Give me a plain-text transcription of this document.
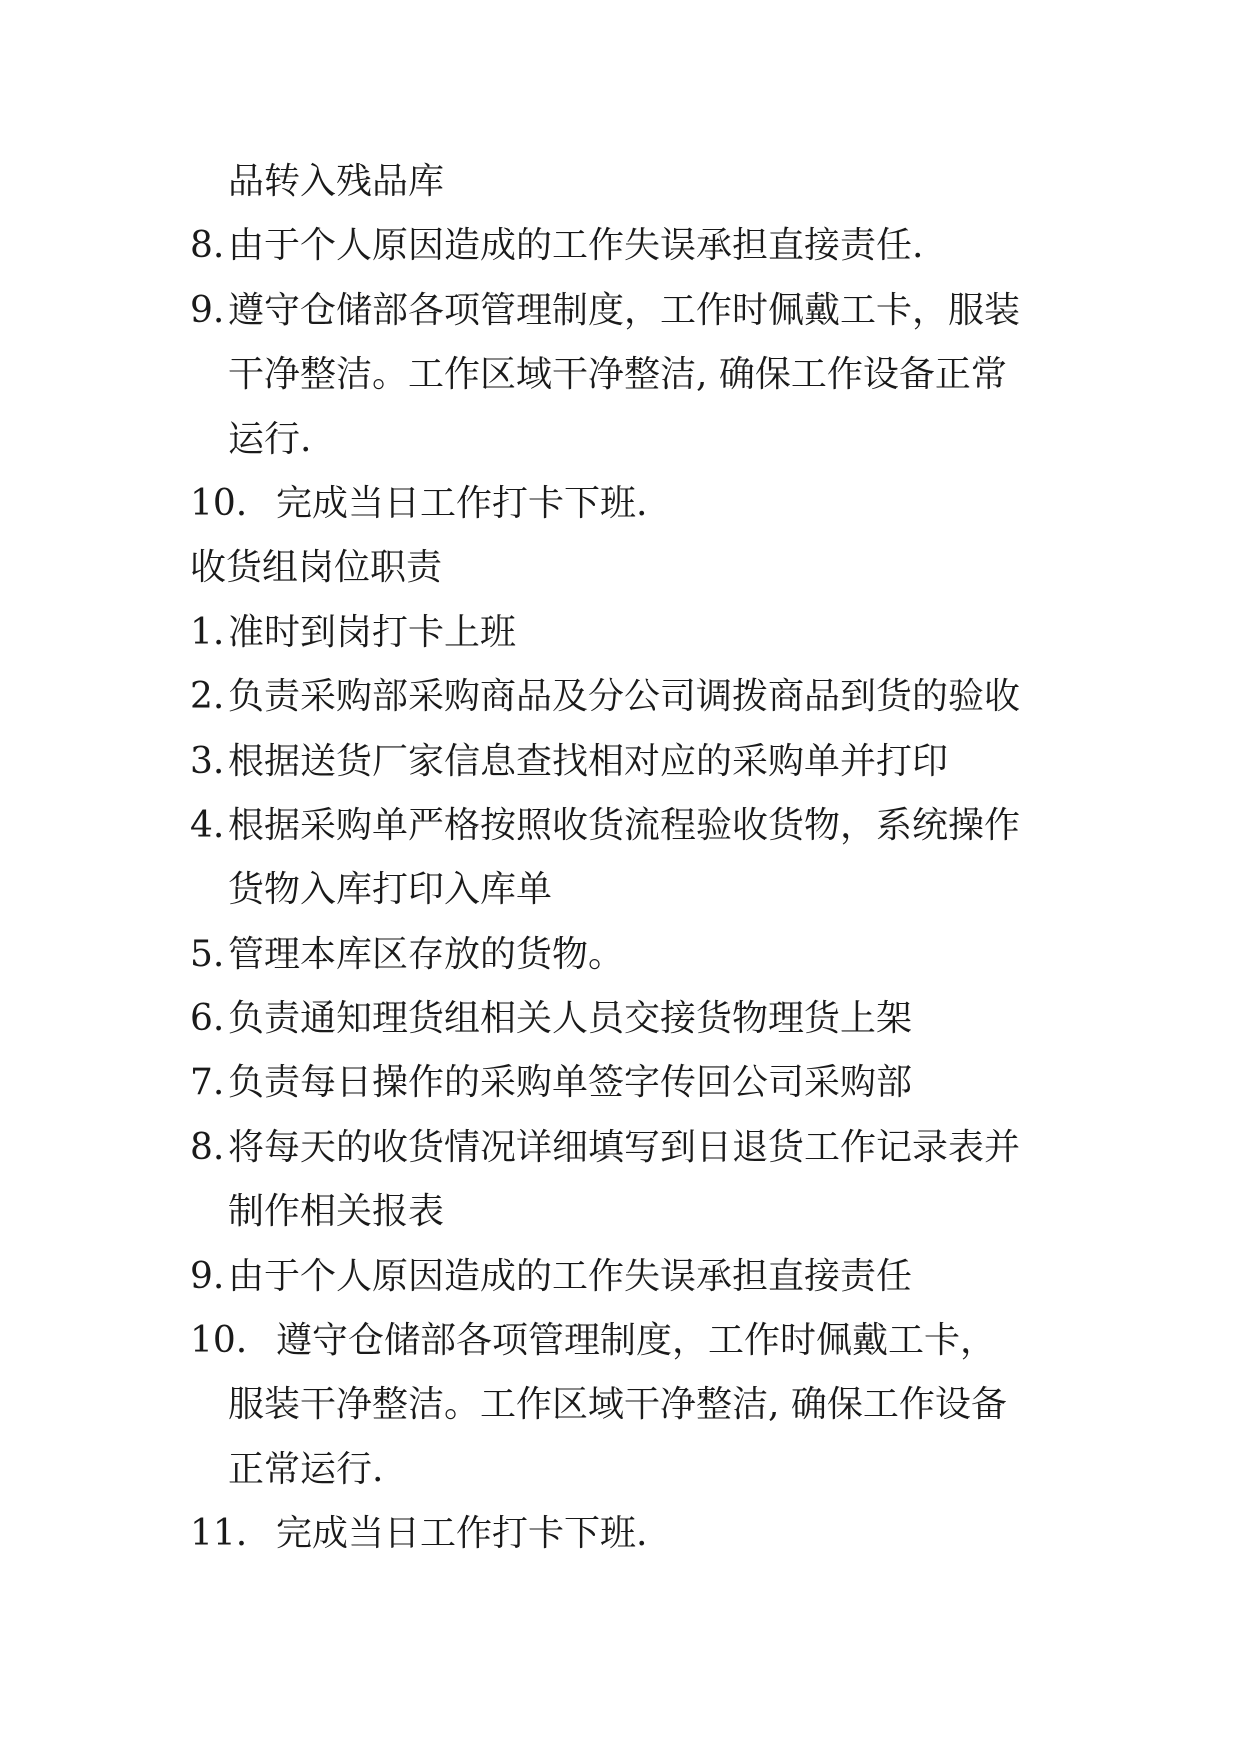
品转入残品库
8. 由于个人原因造成的工作失误承担直接责任.
9. 遵守仓储部各项管理制度，工作时佩戴工卡，服装
干净整洁。工作区域干净整洁, 确保工作设备正常
运行.
10. 完成当日工作打卡下班.
收货组岗位职责
1. 准时到岗打卡上班
2. 负责采购部采购商品及分公司调拨商品到货的验收
3. 根据送货厂家信息查找相对应的采购单并打印
4. 根据采购单严格按照收货流程验收货物，系统操作
货物入库打印入库单
5. 管理本库区存放的货物。
6. 负责通知理货组相关人员交接货物理货上架
7. 负责每日操作的采购单签字传回公司采购部
8. 将每天的收货情况详细填写到日退货工作记录表并
制作相关报表
9. 由于个人原因造成的工作失误承担直接责任
10. 遵守仓储部各项管理制度，工作时佩戴工卡，
服装干净整洁。工作区域干净整洁, 确保工作设备
正常运行.
11. 完成当日工作打卡下班.
